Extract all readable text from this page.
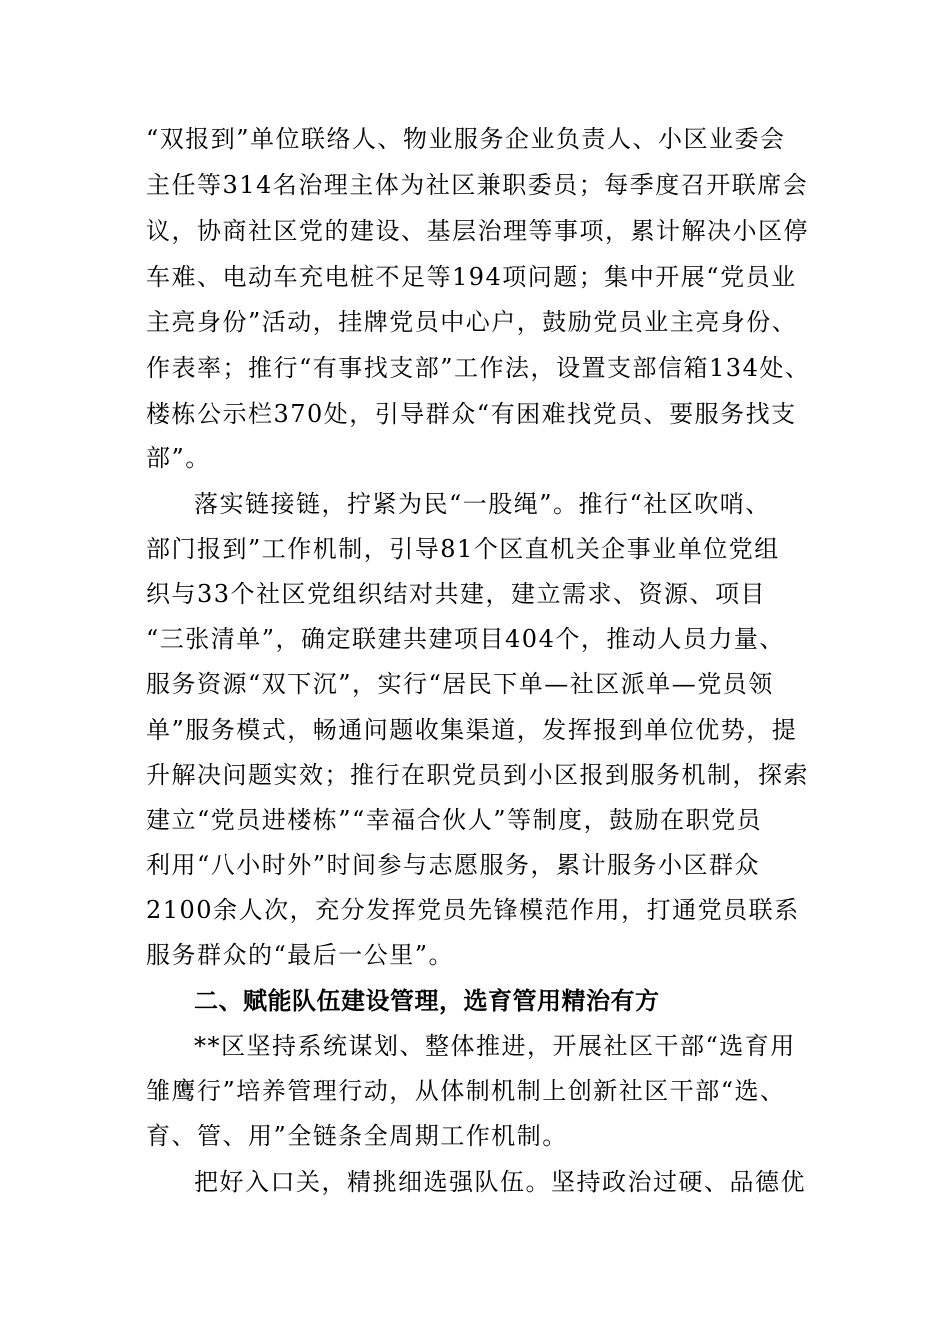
“双报到”单位联络人、物业服务企业负责人、小区业委会
主任等314名治理主体为社区兼职委员；每季度召开联席会
议，协商社区党的建设、基层治理等事项，累计解决小区停
车难、电动车充电桩不足等194项问题；集中开展“党员业
主亮身份”活动，挂牌党员中心户，鼓励党员业主亮身份、
作表率；推行“有事找支部”工作法，设置支部信箱134处、
楼栋公示栏370处，引导群众“有困难找党员、要服务找支
部”。
落实链接链，拧紧为民“一股绳”。推行“社区吹哨、
部门报到”工作机制，引导81个区直机关企事业单位党组
织与33个社区党组织结对共建，建立需求、资源、项目
“三张清单”，确定联建共建项目404个，推动人员力量、
服务资源“双下沉”，实行“居民下单—社区派单—党员领
单”服务模式，畅通问题收集渠道，发挥报到单位优势，提
升解决问题实效；推行在职党员到小区报到服务机制，探索
建立“党员进楼栋”“幸福合伙人”等制度，鼓励在职党员
利用“八小时外”时间参与志愿服务，累计服务小区群众
2100余人次，充分发挥党员先锋模范作用，打通党员联系
服务群众的“最后一公里”。
二、赋能队伍建设管理，选育管用精治有方
**区坚持系统谋划、整体推进，开展社区干部“选育用
雏鹰行”培养管理行动，从体制机制上创新社区干部“选、
育、管、用”全链条全周期工作机制。
把好入口关，精挑细选强队伍。坚持政治过硬、品德优
